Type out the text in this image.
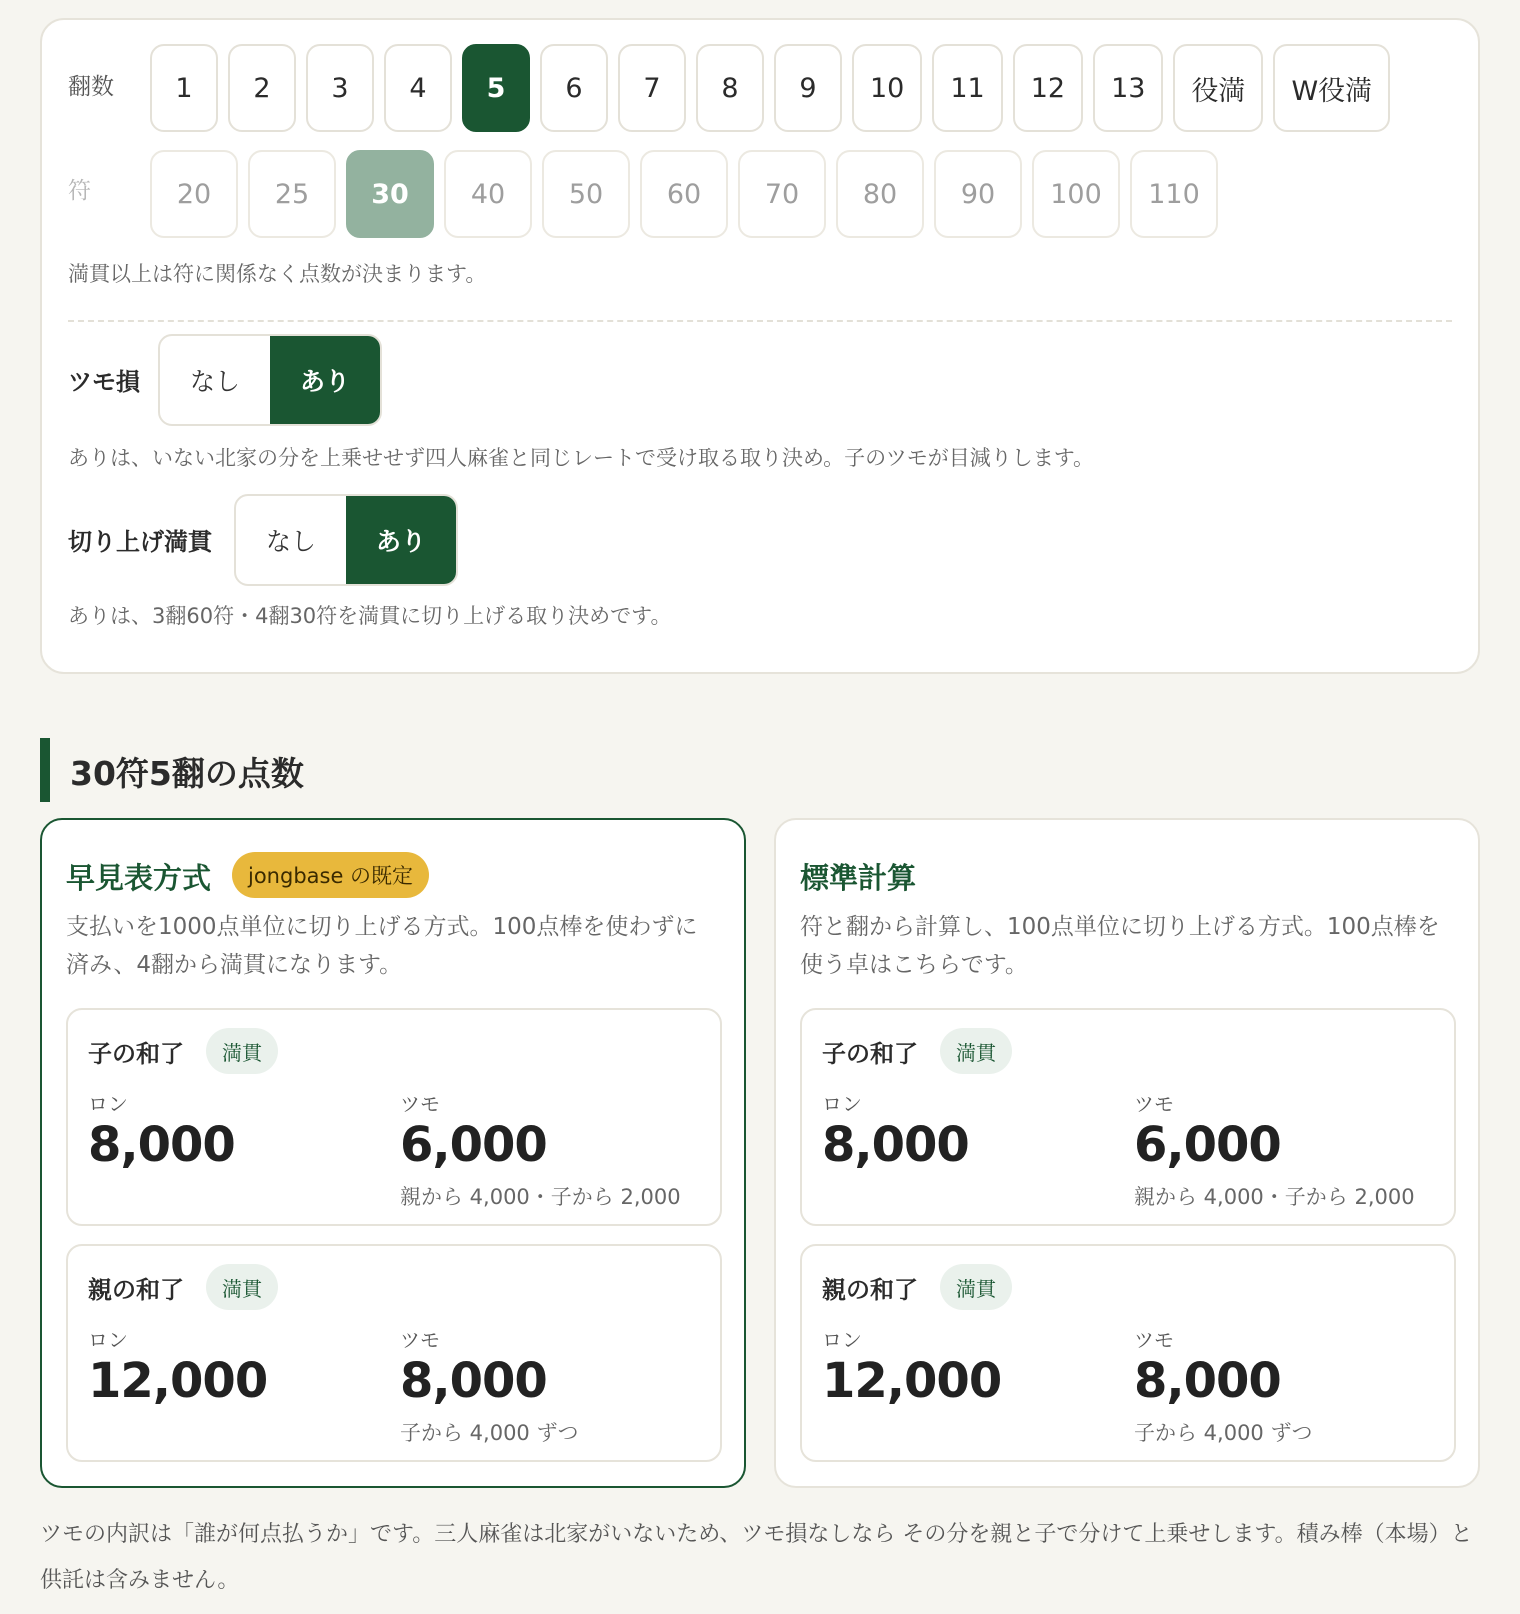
翻数	1	2	3	4	5	6	7	8	9	10	11	12	13	役満	W役満
符	20	25	30	40	50	60	70	80	90	100	110
満貫以上は符に関係なく点数が決まります。
ツモ損	なし	あり
ありは、いない北家の分を上乗せせず四人麻雀と同じレートで受け取る取り決め。子のツモが目減りします。
切り上げ満貫	なし	あり
ありは、3翻60符・4翻30符を満貫に切り上げる取り決めです。
30符5翻の点数
早見表方式	jongbase の既定
支払いを1000点単位に切り上げる方式。100点棒を使わずに済み、4翻から満貫になります。
子の和了	満貫
ロン
8,000
ツモ
6,000
親から 4,000・子から 2,000
親の和了	満貫
ロン
12,000
ツモ
8,000
子から 4,000 ずつ
標準計算
符と翻から計算し、100点単位に切り上げる方式。100点棒を使う卓はこちらです。
子の和了	満貫
ロン
8,000
ツモ
6,000
親から 4,000・子から 2,000
親の和了	満貫
ロン
12,000
ツモ
8,000
子から 4,000 ずつ
ツモの内訳は「誰が何点払うか」です。三人麻雀は北家がいないため、ツモ損なしなら その分を親と子で分けて上乗せします。積み棒（本場）と供託は含みません。
